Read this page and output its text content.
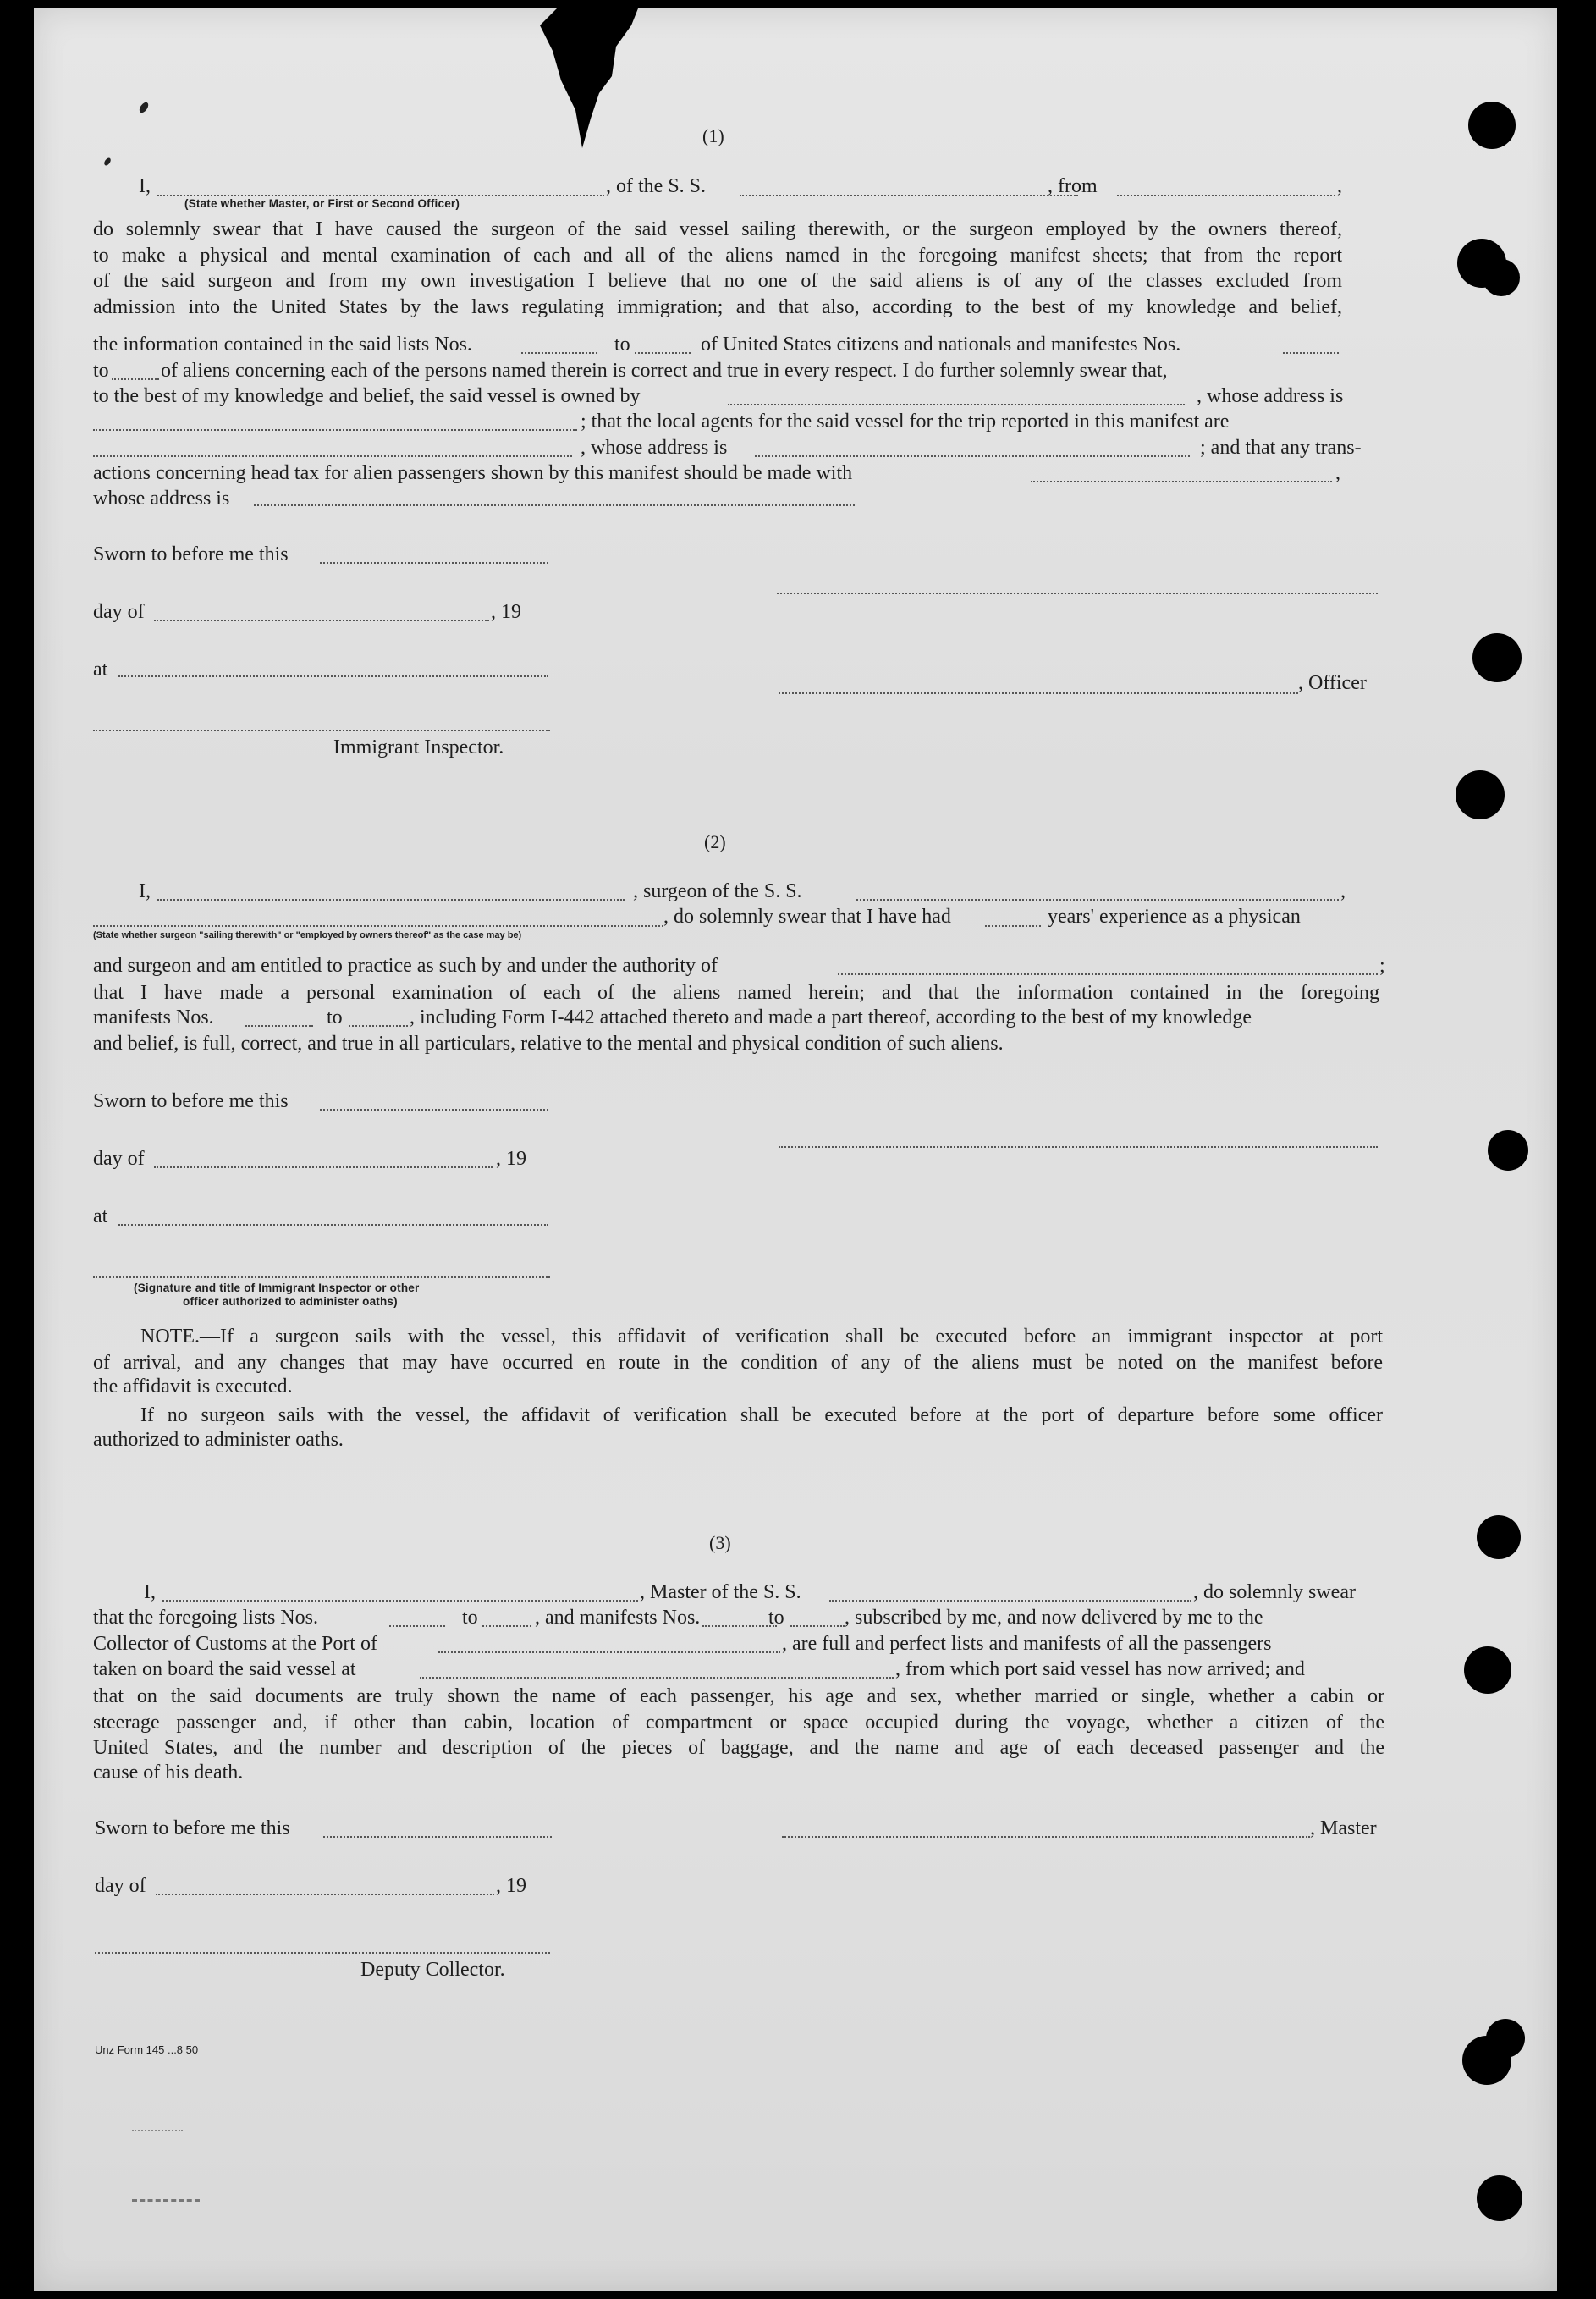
(1)
I,	, of the S. S.	, from	,
(State whether Master, or First or Second Officer)
do solemnly swear that I have caused the surgeon of the said vessel sailing therewith, or the surgeon employed by the owners thereof,
to make a physical and mental examination of each and all of the aliens named in the foregoing manifest sheets; that from the report
of the said surgeon and from my own investigation I believe that no one of the said aliens is of any of the classes excluded from
admission into the United States by the laws regulating immigration; and that also, according to the best of my knowledge and belief,
the information contained in the said lists Nos.	to	of United States citizens and nationals and manifestes Nos.
to	of aliens concerning each of the persons named therein is correct and true in every respect. I do further solemnly swear that,
to the best of my knowledge and belief, the said vessel is owned by	, whose address is
; that the local agents for the said vessel for the trip reported in this manifest are
, whose address is	; and that any trans-
actions concerning head tax for alien passengers shown by this manifest should be made with	,
whose address is
Sworn to before me this
day of	, 19
at
, Officer
Immigrant Inspector.
(2)
I,	, surgeon of the S. S.	,
, do solemnly swear that I have had	years' experience as a physican
(State whether surgeon "sailing therewith" or "employed by owners thereof" as the case may be)
and surgeon and am entitled to practice as such by and under the authority of	;
that I have made a personal examination of each of the aliens named herein; and that the information contained in the foregoing
manifests Nos.	to	, including Form I-442 attached thereto and made a part thereof, according to the best of my knowledge
and belief, is full, correct, and true in all particulars, relative to the mental and physical condition of such aliens.
Sworn to before me this
day of	, 19
at
(Signature and title of Immigrant Inspector or other
officer authorized to administer oaths)
NOTE.—If a surgeon sails with the vessel, this affidavit of verification shall be executed before an immigrant inspector at port
of arrival, and any changes that may have occurred en route in the condition of any of the aliens must be noted on the manifest before
the affidavit is executed.
If no surgeon sails with the vessel, the affidavit of verification shall be executed before at the port of departure before some officer
authorized to administer oaths.
(3)
I,	, Master of the S. S.	, do solemnly swear
that the foregoing lists Nos.	to	, and manifests Nos.	to	, subscribed by me, and now delivered by me to the
Collector of Customs at the Port of	, are full and perfect lists and manifests of all the passengers
taken on board the said vessel at	, from which port said vessel has now arrived; and
that on the said documents are truly shown the name of each passenger, his age and sex, whether married or single, whether a cabin or
steerage passenger and, if other than cabin, location of compartment or space occupied during the voyage, whether a citizen of the
United States, and the number and description of the pieces of baggage, and the name and age of each deceased passenger and the
cause of his death.
Sworn to before me this	, Master
day of	, 19
Deputy Collector.
Unz Form 145 ...8 50
